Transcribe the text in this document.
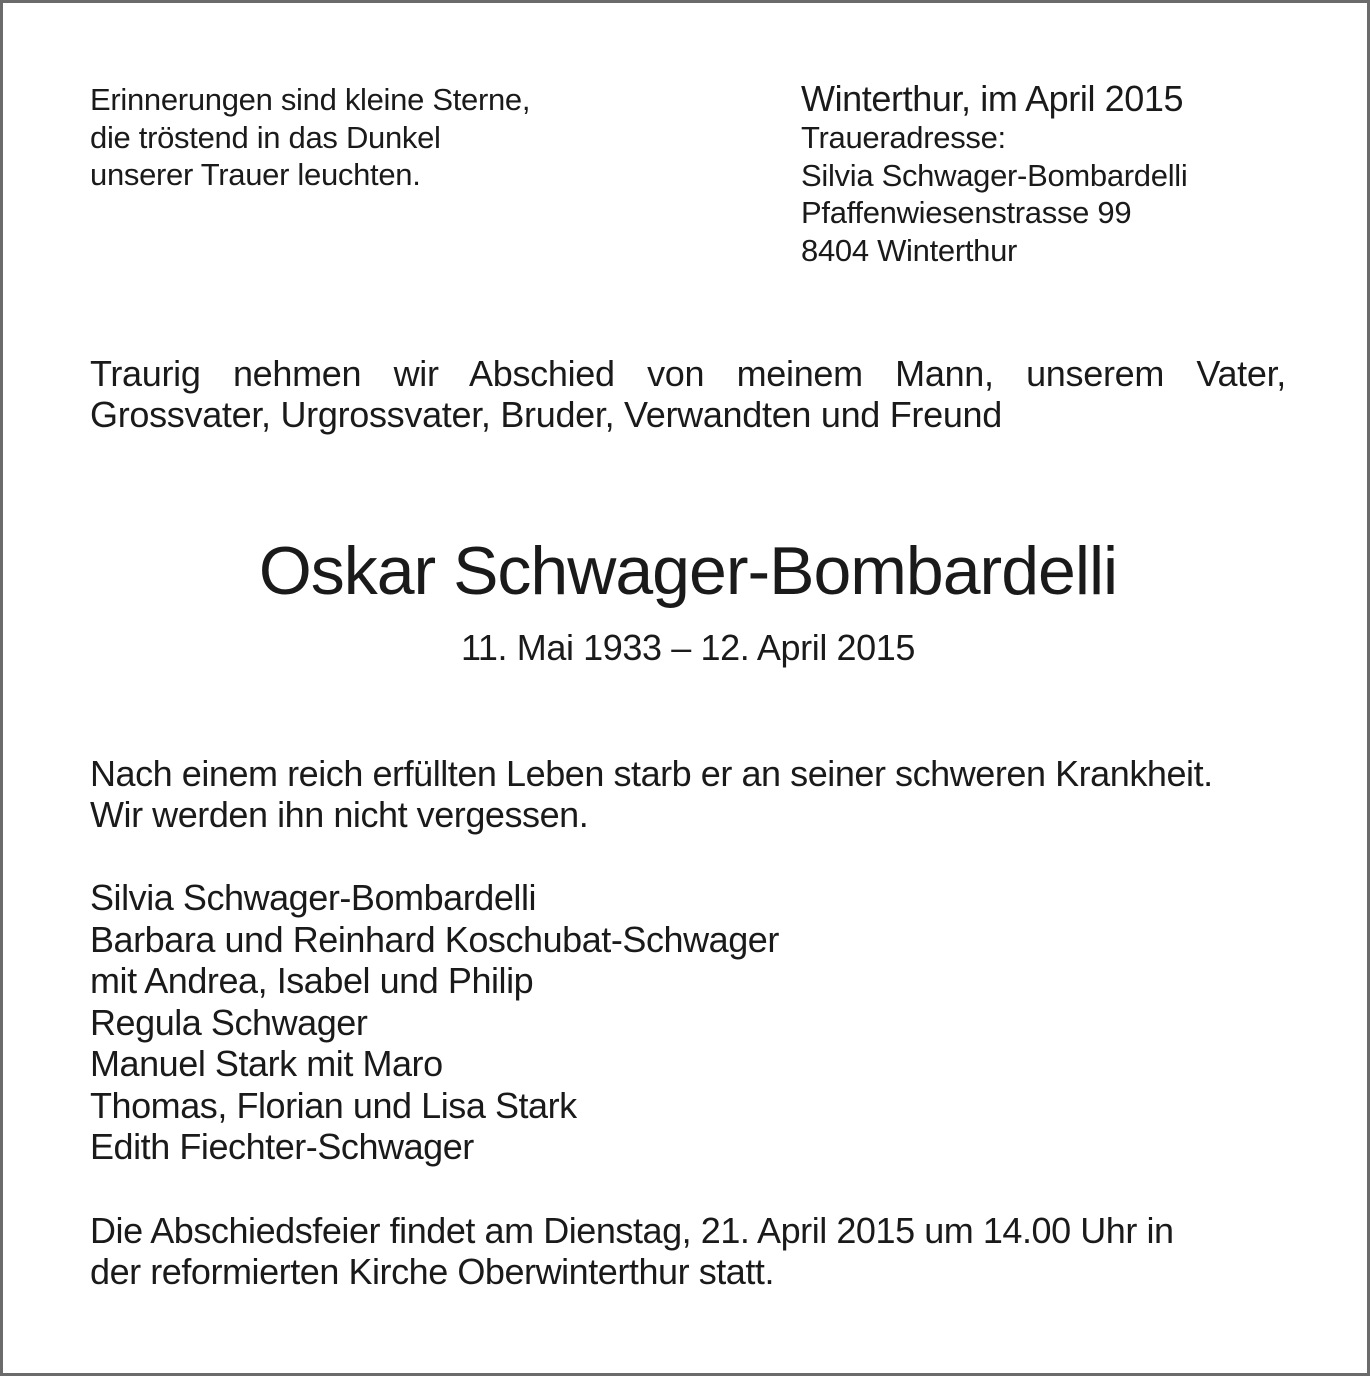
Erinnerungen sind kleine Sterne,
die tröstend in das Dunkel
unserer Trauer leuchten.
Winterthur, im April 2015
Traueradresse:
Silvia Schwager-Bombardelli
Pfaffenwiesenstrasse 99
8404 Winterthur
Traurig nehmen wir Abschied von meinem Mann, unserem Vater,
Grossvater, Urgrossvater, Bruder, Verwandten und Freund
Oskar Schwager-Bombardelli
11. Mai 1933 – 12. April 2015
Nach einem reich erfüllten Leben starb er an seiner schweren Krankheit.
Wir werden ihn nicht vergessen.
Silvia Schwager-Bombardelli
Barbara und Reinhard Koschubat-Schwager
mit Andrea, Isabel und Philip
Regula Schwager
Manuel Stark mit Maro
Thomas, Florian und Lisa Stark
Edith Fiechter-Schwager
Die Abschiedsfeier findet am Dienstag, 21. April 2015 um 14.00 Uhr in
der reformierten Kirche Oberwinterthur statt.
